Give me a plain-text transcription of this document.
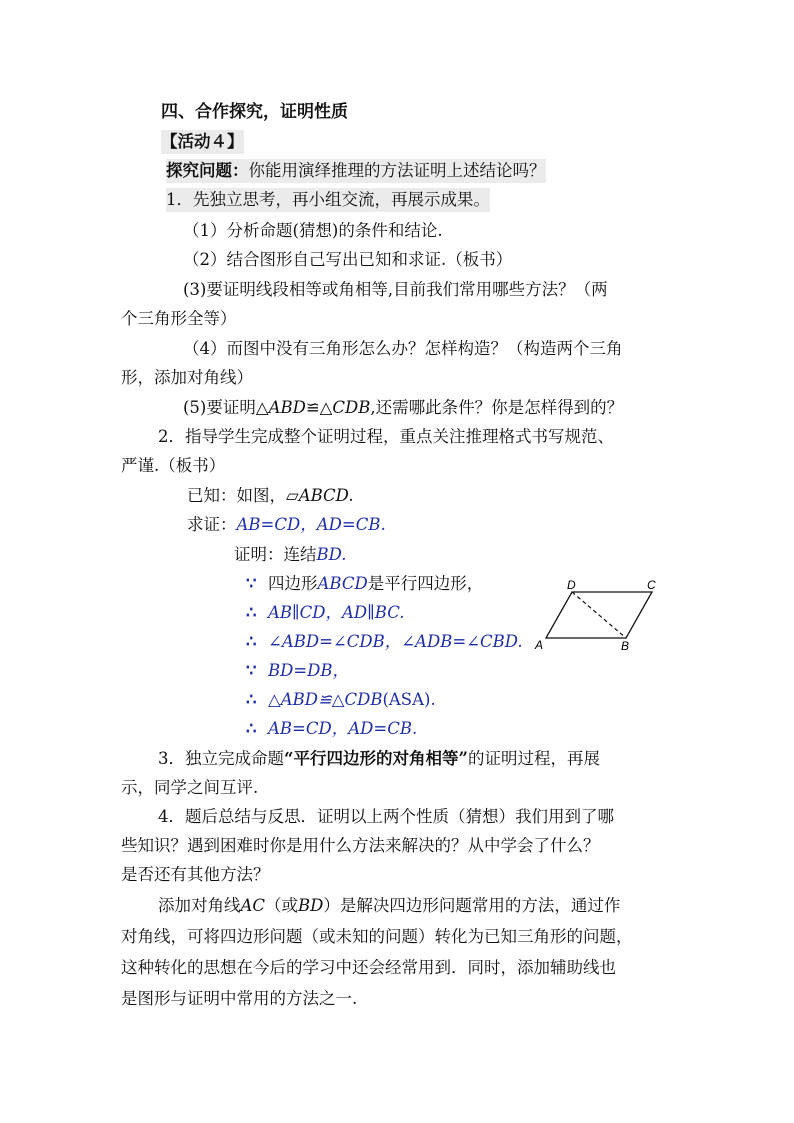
四、合作探究，证明性质
【活动４】
探究问题：你能用演绎推理的方法证明上述结论吗？
1．先独立思考，再小组交流，再展示成果。
（1）分析命题(猜想)的条件和结论.
（2）结合图形自己写出已知和求证.（板书）
(3)要证明线段相等或角相等,目前我们常用哪些方法？（两
个三角形全等）
（4）而图中没有三角形怎么办？怎样构造？（构造两个三角
形，添加对角线）
(5)要证明△ABD≌△CDB,还需哪此条件？你是怎样得到的？
2．指导学生完成整个证明过程，重点关注推理格式书写规范、
严谨.（板书）
已知：如图，▱ABCD.
求证：AB=CD，AD=CB.
证明：连结BD.
∵ 四边形ABCD是平行四边形，
∴ AB∥CD，AD∥BC.
∴ ∠ABD=∠CDB，∠ADB=∠CBD.
∵ BD=DB，
∴ △ABD≌△CDB(ASA).
∴ AB=CD，AD=CB.
A	B
C
D
3．独立完成命题“平行四边形的对角相等”的证明过程，再展
示，同学之间互评.
4．题后总结与反思．证明以上两个性质（猜想）我们用到了哪
些知识？遇到困难时你是用什么方法来解决的？从中学会了什么？
是否还有其他方法？
添加对角线AC（或BD）是解决四边形问题常用的方法，通过作
对角线，可将四边形问题（或未知的问题）转化为已知三角形的问题，
这种转化的思想在今后的学习中还会经常用到．同时，添加辅助线也
是图形与证明中常用的方法之一.
